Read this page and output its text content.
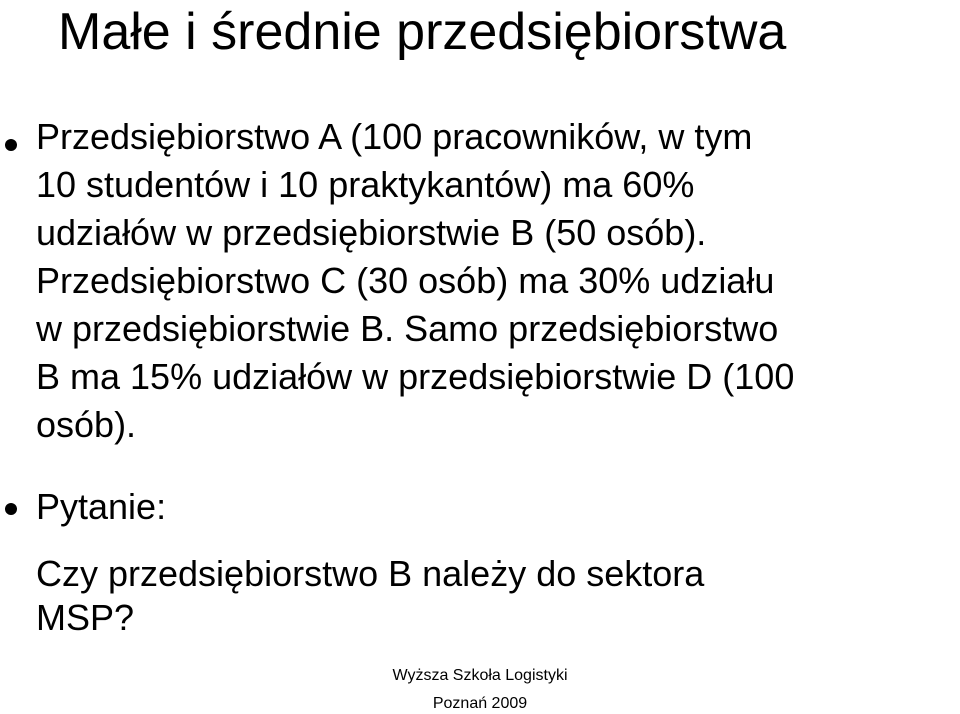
Małe i średnie przedsiębiorstwa
Przedsiębiorstwo A (100 pracowników, w tym
10 studentów i 10 praktykantów) ma 60%
udziałów w przedsiębiorstwie B (50 osób).
Przedsiębiorstwo C (30 osób) ma 30% udziału
w przedsiębiorstwie B. Samo przedsiębiorstwo
B ma 15% udziałów w przedsiębiorstwie D (100
osób).
Pytanie:
Czy przedsiębiorstwo B należy do sektora
MSP?
Wyższa Szkoła Logistyki
Poznań 2009
